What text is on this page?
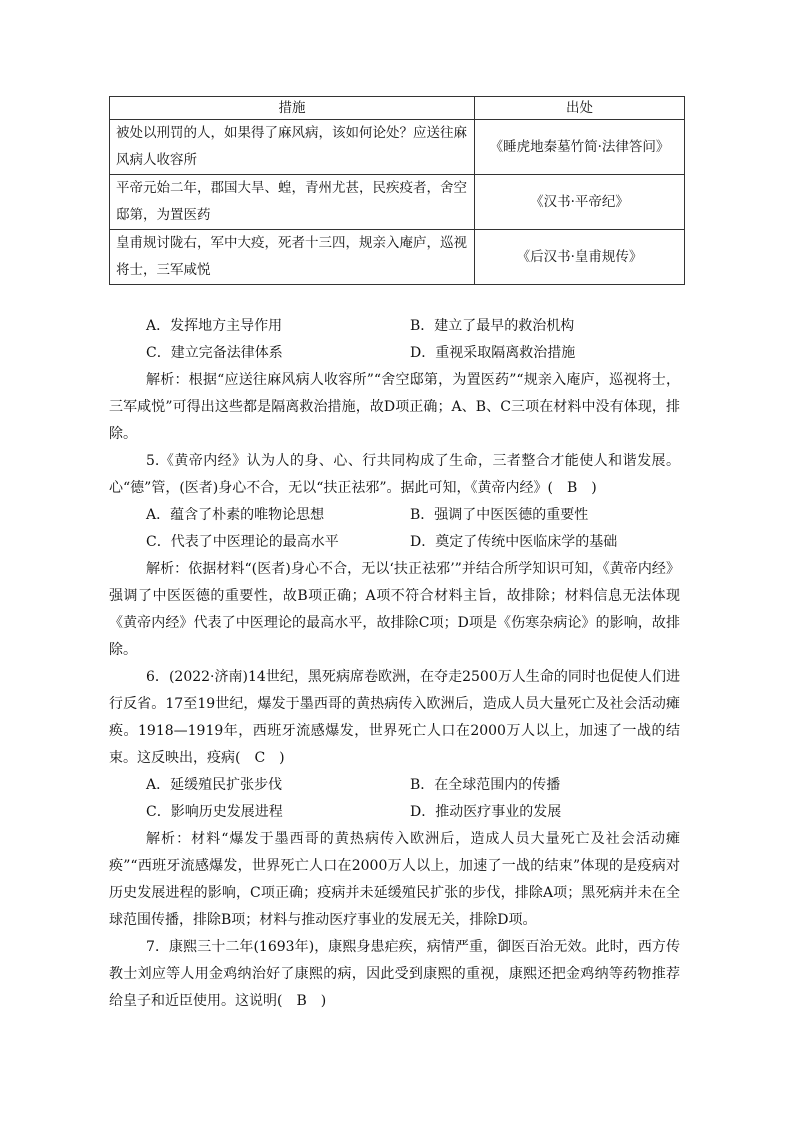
措施	出处
被处以刑罚的人，如果得了麻风病，该如何论处？应送往麻风病人收容所	《睡虎地秦墓竹简·法律答问》
平帝元始二年，郡国大旱、蝗，青州尤甚，民疾疫者，舍空邸第，为置医药	《汉书·平帝纪》
皇甫规讨陇右，军中大疫，死者十三四，规亲入庵庐，巡视将士，三军咸悦	《后汉书·皇甫规传》
A．发挥地方主导作用	B．建立了最早的救治机构
C．建立完备法律体系	D．重视采取隔离救治措施

解析：根据“应送往麻风病人收容所”“舍空邸第，为置医药”“规亲入庵庐，巡视将士，三军咸悦”可得出这些都是隔离救治措施，故D项正确；A、B、C三项在材料中没有体现，排除。

5.《黄帝内经》认为人的身、心、行共同构成了生命，三者整合才能使人和谐发展。心“德”管，(医者)身心不合，无以“扶正祛邪”。据此可知，《黄帝内经》(　B　)

A．蕴含了朴素的唯物论思想	B．强调了中医医德的重要性
C．代表了中医理论的最高水平	D．奠定了传统中医临床学的基础

解析：依据材料“(医者)身心不合，无以‘扶正祛邪’”并结合所学知识可知，《黄帝内经》强调了中医医德的重要性，故B项正确；A项不符合材料主旨，故排除；材料信息无法体现《黄帝内经》代表了中医理论的最高水平，故排除C项；D项是《伤寒杂病论》的影响，故排除。

6．(2022·济南)14世纪，黑死病席卷欧洲，在夺走2500万人生命的同时也促使人们进行反省。17至19世纪，爆发于墨西哥的黄热病传入欧洲后，造成人员大量死亡及社会活动瘫痪。1918—1919年，西班牙流感爆发，世界死亡人口在2000万人以上，加速了一战的结束。这反映出，疫病(　C　)

A．延缓殖民扩张步伐	B．在全球范围内的传播
C．影响历史发展进程	D．推动医疗事业的发展

解析：材料“爆发于墨西哥的黄热病传入欧洲后，造成人员大量死亡及社会活动瘫痪”“西班牙流感爆发，世界死亡人口在2000万人以上，加速了一战的结束”体现的是疫病对历史发展进程的影响，C项正确；疫病并未延缓殖民扩张的步伐，排除A项；黑死病并未在全球范围传播，排除B项；材料与推动医疗事业的发展无关，排除D项。

7．康熙三十二年(1693年)，康熙身患疟疾，病情严重，御医百治无效。此时，西方传教士刘应等人用金鸡纳治好了康熙的病，因此受到康熙的重视，康熙还把金鸡纳等药物推荐给皇子和近臣使用。这说明(　B　)
